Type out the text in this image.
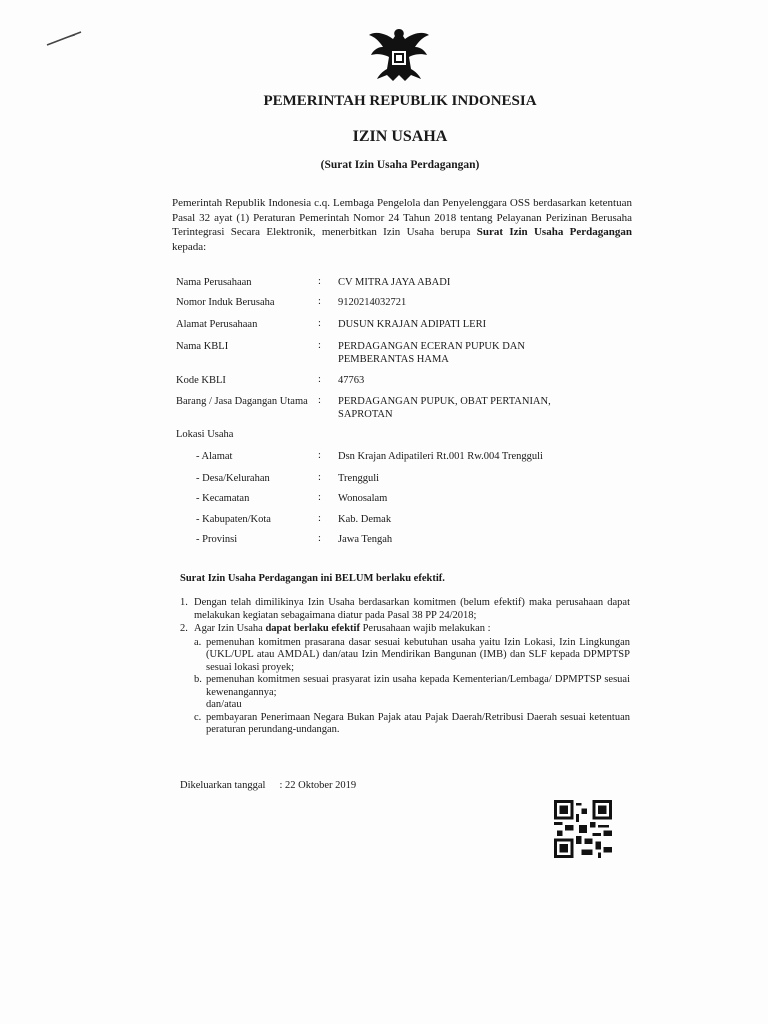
PEMERINTAH REPUBLIK INDONESIA
IZIN USAHA
(Surat Izin Usaha Perdagangan)
Pemerintah Republik Indonesia c.q. Lembaga Pengelola dan Penyelenggara OSS berdasarkan ketentuan Pasal 32 ayat (1) Peraturan Pemerintah Nomor 24 Tahun 2018 tentang Pelayanan Perizinan Berusaha Terintegrasi Secara Elektronik, menerbitkan Izin Usaha berupa Surat Izin Usaha Perdagangan kepada:
Nama Perusahaan	: CV MITRA JAYA ABADI
Nomor Induk Berusaha	: 9120214032721
Alamat Perusahaan	: DUSUN KRAJAN ADIPATI LERI
Nama KBLI	: PERDAGANGAN ECERAN PUPUK DAN PEMBERANTAS HAMA
Kode KBLI	: 47763
Barang / Jasa Dagangan Utama : PERDAGANGAN PUPUK, OBAT PERTANIAN, SAPROTAN
Lokasi Usaha
- Alamat	: Dsn Krajan Adipatileri Rt.001 Rw.004 Trengguli
- Desa/Kelurahan	: Trengguli
- Kecamatan	: Wonosalam
- Kabupaten/Kota	: Kab. Demak
- Provinsi	: Jawa Tengah
Surat Izin Usaha Perdagangan ini BELUM berlaku efektif.
1. Dengan telah dimilikinya Izin Usaha berdasarkan komitmen (belum efektif) maka perusahaan dapat melakukan kegiatan sebagaimana diatur pada Pasal 38 PP 24/2018;
2. Agar Izin Usaha dapat berlaku efektif Perusahaan wajib melakukan :
a. pemenuhan komitmen prasarana dasar sesuai kebutuhan usaha yaitu Izin Lokasi, Izin Lingkungan (UKL/UPL atau AMDAL) dan/atau Izin Mendirikan Bangunan (IMB) dan SLF kepada DPMPTSP sesuai lokasi proyek;
b. pemenuhan komitmen sesuai prasyarat izin usaha kepada Kementerian/Lembaga/ DPMPTSP sesuai kewenangannya;
dan/atau
c. pembayaran Penerimaan Negara Bukan Pajak atau Pajak Daerah/Retribusi Daerah sesuai ketentuan peraturan perundang-undangan.
Dikeluarkan tanggal : 22 Oktober 2019
